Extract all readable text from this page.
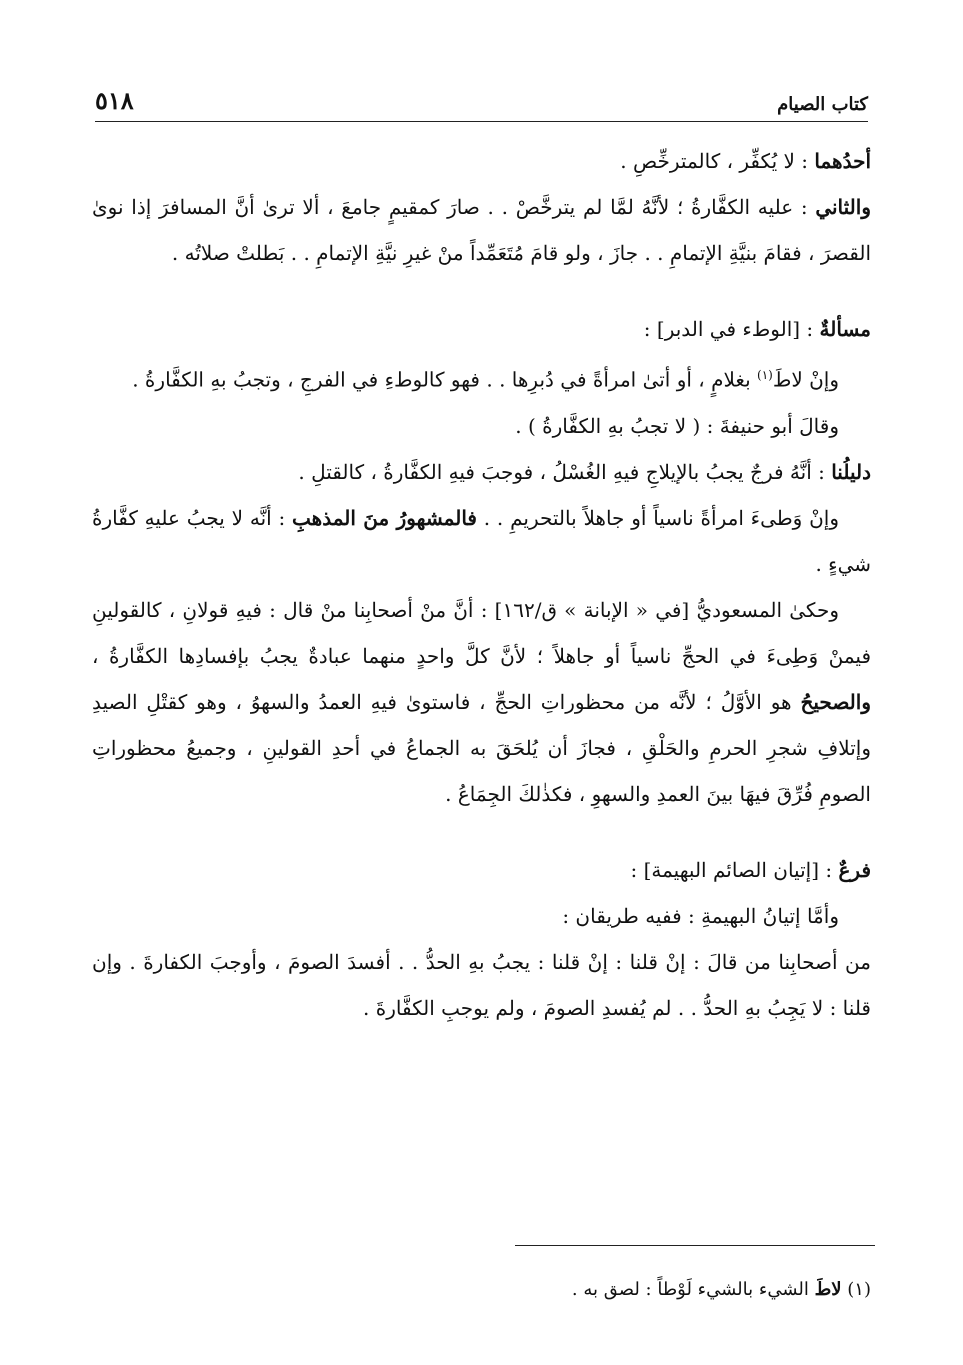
كتاب الصيام
٥١٨

أحدُهما : لا يُكفِّر ، كالمترخِّصِ .

والثاني : عليه الكفَّارةُ ؛ لأنَّهُ لمَّا لم يترخَّصْ . . صارَ كمقيمٍ جامعَ ، ألا ترىٰ أنَّ المسافرَ إذا نوىٰ القصرَ ، فقامَ بنيَّةِ الإتمامِ . . جازَ ، ولو قامَ مُتَعَمِّداً منْ غيرِ نيَّةِ الإتمامِ . . بَطلتْ صلاتُه .

مسألةٌ : [الوطء في الدبر] :

وإنْ لاطَ$^{(١)}$ بغلامٍ ، أو أتىٰ امرأةً في دُبرِها . . فهو كالوطءِ في الفرجِ ، وتجبُ بهِ الكفَّارةُ .

وقالَ أبو حنيفةَ : ( لا تجبُ بهِ الكفَّارةُ ) .

دليلُنا : أنَّهُ فرجٌ يجبُ بالإيلاجِ فيهِ الغُسْلُ ، فوجبَ فيهِ الكفَّارةُ ، كالقتلِ .

وإنْ وَطىءَ امرأةً ناسياً أو جاهلاً بالتحريمِ . . فالمشهورُ منَ المذهبِ : أنَّه لا يجبُ عليهِ كفَّارةُ شيءٍ .

وحكىٰ المسعوديُّ [في « الإبانة » ق/١٦٢] : أنَّ منْ أصحابِنا منْ قال : فيهِ قولانِ ، كالقولينِ فيمنْ وَطِىءَ في الحجِّ ناسياً أو جاهلاً ؛ لأنَّ كلَّ واحدٍ منهما عبادةٌ يجبُ بإفسادِها الكفَّارةُ ، والصحيحُ هو الأوَّلُ ؛ لأنَّه من محظوراتِ الحجِّ ، فاستوىٰ فيهِ العمدُ والسهوُ ، وهو كقتْلِ الصيدِ وإتلافِ شجرِ الحرمِ والحَلْقِ ، فجازَ أن يُلحَقَ به الجماعُ في أحدِ القولينِ ، وجميعُ محظوراتِ الصومِ فُرِّقَ فيهَا بينَ العمدِ والسهوِ ، فكذٰلكَ الجِمَاعُ .

فرعٌ : [إتيان الصائم البهيمة] :

وأمَّا إتيانُ البهيمةِ : ففيه طريقان :

من أصحابِنا من قالَ : إنْ قلنا : إنْ قلنا : يجبُ بهِ الحدُّ . . أفسدَ الصومَ ، وأوجبَ الكفارةَ . وإن قلنا : لا يَجِبُ بهِ الحدُّ . . لم يُفسدِ الصومَ ، ولم يوجبِ الكفَّارةَ .

(١) لاطَ الشيء بالشيء لَوْطاً : لصق به .
